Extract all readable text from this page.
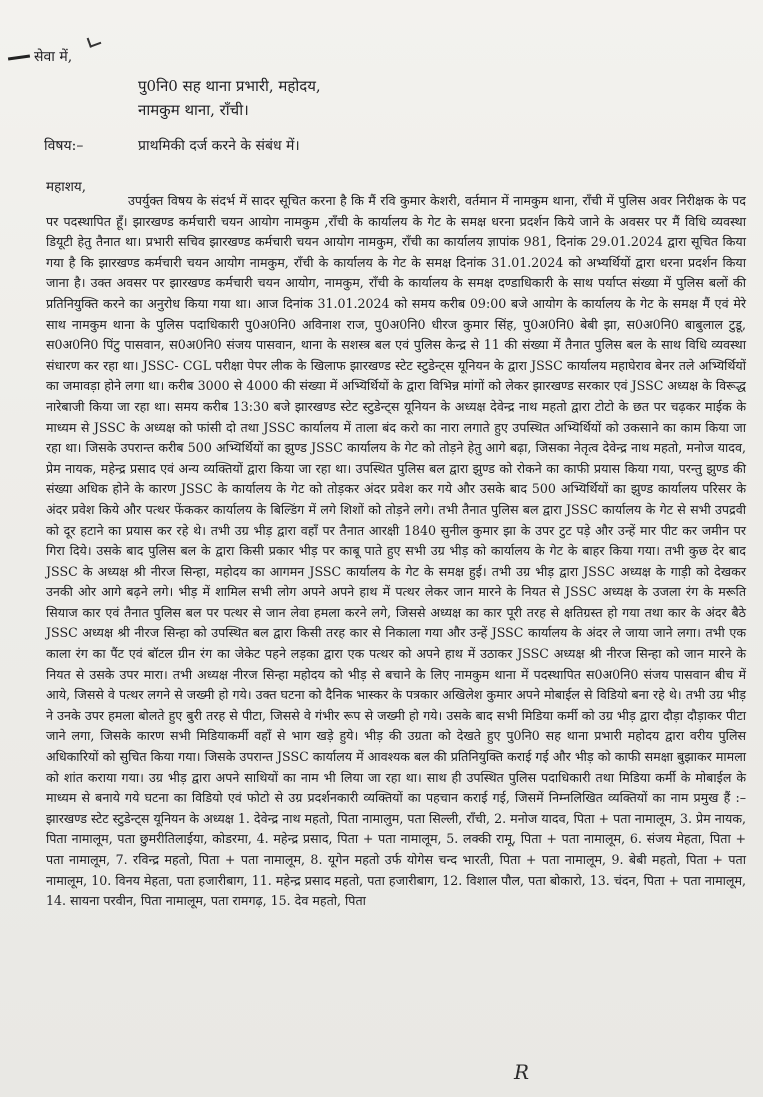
सेवा में,
पु0नि0 सह थाना प्रभारी, महोदय,
नामकुम थाना, राँची।
विषय:–	प्राथमिकी दर्ज करने के संबंध में।
महाशय,
उपर्युक्त विषय के संदर्भ में सादर सूचित करना है कि मैं रवि कुमार केशरी, वर्तमान में नामकुम थाना, राँची में पुलिस अवर निरीक्षक के पद पर पदस्थापित हूँ। झारखण्ड कर्मचारी चयन आयोग नामकुम ,राँची के कार्यालय के गेट के समक्ष धरना प्रदर्शन किये जाने के अवसर पर मैं विधि व्यवस्था डियूटी हेतु तैनात था। प्रभारी सचिव झारखण्ड कर्मचारी चयन आयोग नामकुम, राँची का कार्यालय ज्ञापांक 981, दिनांक 29.01.2024 द्वारा सूचित किया गया है कि झारखण्ड कर्मचारी चयन आयोग नामकुम, राँची के कार्यालय के गेट के समक्ष दिनांक 31.01.2024 को अभ्यर्थियों द्वारा धरना प्रदर्शन किया जाना है। उक्त अवसर पर झारखण्ड कर्मचारी चयन आयोग, नामकुम, राँची के कार्यालय के समक्ष दण्डाधिकारी के साथ पर्याप्त संख्या में पुलिस बलों की प्रतिनियुक्ति करने का अनुरोध किया गया था। आज दिनांक 31.01.2024 को समय करीब 09:00 बजे आयोग के कार्यालय के गेट के समक्ष मैं एवं मेरे साथ नामकुम थाना के पुलिस पदाधिकारी पु0अ0नि0 अविनाश राज, पु0अ0नि0 धीरज कुमार सिंह, पु0अ0नि0 बेबी झा, स0अ0नि0 बाबुलाल टुडू, स0अ0नि0 पिंटु पासवान, स0अ0नि0 संजय पासवान, थाना के सशस्त्र बल एवं पुलिस केन्द्र से 11 की संख्या में तैनात पुलिस बल के साथ विधि व्यवस्था संधारण कर रहा था। JSSC- CGL परीक्षा पेपर लीक के खिलाफ झारखण्ड स्टेट स्टुडेन्ट्स यूनियन के द्वारा JSSC कार्यालय महाघेराव बेनर तले अभ्यिर्थियों का जमावड़ा होने लगा था। करीब 3000 से 4000 की संख्या में अभ्यिर्थियों के द्वारा विभिन्न मांगों को लेकर झारखण्ड सरकार एवं JSSC अध्यक्ष के विरूद्ध नारेबाजी किया जा रहा था। समय करीब 13:30 बजे झारखण्ड स्टेट स्टुडेन्ट्स यूनियन के अध्यक्ष देवेन्द्र नाथ महतो द्वारा टोटो के छत पर चढ़कर माईक के माध्यम से JSSC के अध्यक्ष को फांसी दो तथा JSSC कार्यालय में ताला बंद करो का नारा लगाते हुए उपस्थित अभ्यिर्थियों को उकसाने का काम किया जा रहा था। जिसके उपरान्त करीब 500 अभ्यिर्थियों का झुण्ड JSSC कार्यालय के गेट को तोड़ने हेतु आगे बढ़ा, जिसका नेतृत्व देवेन्द्र नाथ महतो, मनोज यादव, प्रेम नायक, महेन्द्र प्रसाद एवं अन्य व्यक्तियों द्वारा किया जा रहा था। उपस्थित पुलिस बल द्वारा झुण्ड को रोकने का काफी प्रयास किया गया, परन्तु झुण्ड की संख्या अधिक होने के कारण JSSC के कार्यालय के गेट को तोड़कर अंदर प्रवेश कर गये और उसके बाद 500 अभ्यिर्थियों का झुण्ड कार्यालय परिसर के अंदर प्रवेश किये और पत्थर फेंककर कार्यालय के बिल्डिंग में लगे शिशों को तोड़ने लगे। तभी तैनात पुलिस बल द्वारा JSSC कार्यालय के गेट से सभी उपद्रवी को दूर हटाने का प्रयास कर रहे थे। तभी उग्र भीड़ द्वारा वहाँ पर तैनात आरक्षी 1840 सुनील कुमार झा के उपर टुट पड़े और उन्हें मार पीट कर जमीन पर गिरा दिये। उसके बाद पुलिस बल के द्वारा किसी प्रकार भीड़ पर काबू पाते हुए सभी उग्र भीड़ को कार्यालय के गेट के बाहर किया गया। तभी कुछ देर बाद JSSC के अध्यक्ष श्री नीरज सिन्हा, महोदय का आगमन JSSC कार्यालय के गेट के समक्ष हुई। तभी उग्र भीड़ द्वारा JSSC अध्यक्ष के गाड़ी को देखकर उनकी ओर आगे बढ़ने लगे। भीड़ में शामिल सभी लोग अपने अपने हाथ में पत्थर लेकर जान मारने के नियत से JSSC अध्यक्ष के उजला रंग के मरूति सियाज कार एवं तैनात पुलिस बल पर पत्थर से जान लेवा हमला करने लगे, जिससे अध्यक्ष का कार पूरी तरह से क्षतिग्रस्त हो गया तथा कार के अंदर बैठे JSSC अध्यक्ष श्री नीरज सिन्हा को उपस्थित बल द्वारा किसी तरह कार से निकाला गया और उन्हें JSSC कार्यालय के अंदर ले जाया जाने लगा। तभी एक काला रंग का पैंट एवं बॉटल ग्रीन रंग का जेकेट पहने लड़का द्वारा एक पत्थर को अपने हाथ में उठाकर JSSC अध्यक्ष श्री नीरज सिन्हा को जान मारने के नियत से उसके उपर मारा। तभी अध्यक्ष नीरज सिन्हा महोदय को भीड़ से बचाने के लिए नामकुम थाना में पदस्थापित स0अ0नि0 संजय पासवान बीच में आये, जिससे वे पत्थर लगने से जख्मी हो गये। उक्त घटना को दैनिक भास्कर के पत्रकार अखिलेश कुमार अपने मोबाईल से विडियो बना रहे थे। तभी उग्र भीड़ ने उनके उपर हमला बोलते हुए बुरी तरह से पीटा, जिससे वे गंभीर रूप से जख्मी हो गये। उसके बाद सभी मिडिया कर्मी को उग्र भीड़ द्वारा दौड़ा दौड़ाकर पीटा जाने लगा, जिसके कारण सभी मिडियाकर्मी वहाँ से भाग खड़े हुये। भीड़ की उग्रता को देखते हुए पु0नि0 सह थाना प्रभारी महोदय द्वारा वरीय पुलिस अधिकारियों को सुचित किया गया। जिसके उपरान्त JSSC कार्यालय में आवश्यक बल की प्रतिनियुक्ति कराई गई और भीड़ को काफी समक्षा बुझाकर मामला को शांत कराया गया। उग्र भीड़ द्वारा अपने साथियों का नाम भी लिया जा रहा था। साथ ही उपस्थित पुलिस पदाधिकारी तथा मिडिया कर्मी के मोबाईल के माध्यम से बनाये गये घटना का विडियो एवं फोटो से उग्र प्रदर्शनकारी व्यक्तियों का पहचान कराई गई, जिसमें निम्नलिखित व्यक्तियों का नाम प्रमुख हैं :– झारखण्ड स्टेट स्टुडेन्ट्स यूनियन के अध्यक्ष 1. देवेन्द्र नाथ महतो, पिता नामालुम, पता सिल्ली, राँची, 2. मनोज यादव, पिता + पता नामालूम, 3. प्रेम नायक, पिता नामालूम, पता छुमरीतिलाईया, कोडरमा, 4. महेन्द्र प्रसाद, पिता + पता नामालूम, 5. लक्की रामू, पिता + पता नामालूम, 6. संजय मेहता, पिता + पता नामालूम, 7. रविन्द्र महतो, पिता + पता नामालूम, 8. यूगेन महतो उर्फ योगेस चन्द भारती, पिता + पता नामालूम, 9. बेबी महतो, पिता + पता नामालूम, 10. विनय मेहता, पता हजारीबाग, 11. महेन्द्र प्रसाद महतो, पता हजारीबाग, 12. विशाल पौल, पता बोकारो, 13. चंदन, पिता + पता नामालूम, 14. सायना परवीन, पिता नामालूम, पता रामगढ़, 15. देव महतो, पिता
R
